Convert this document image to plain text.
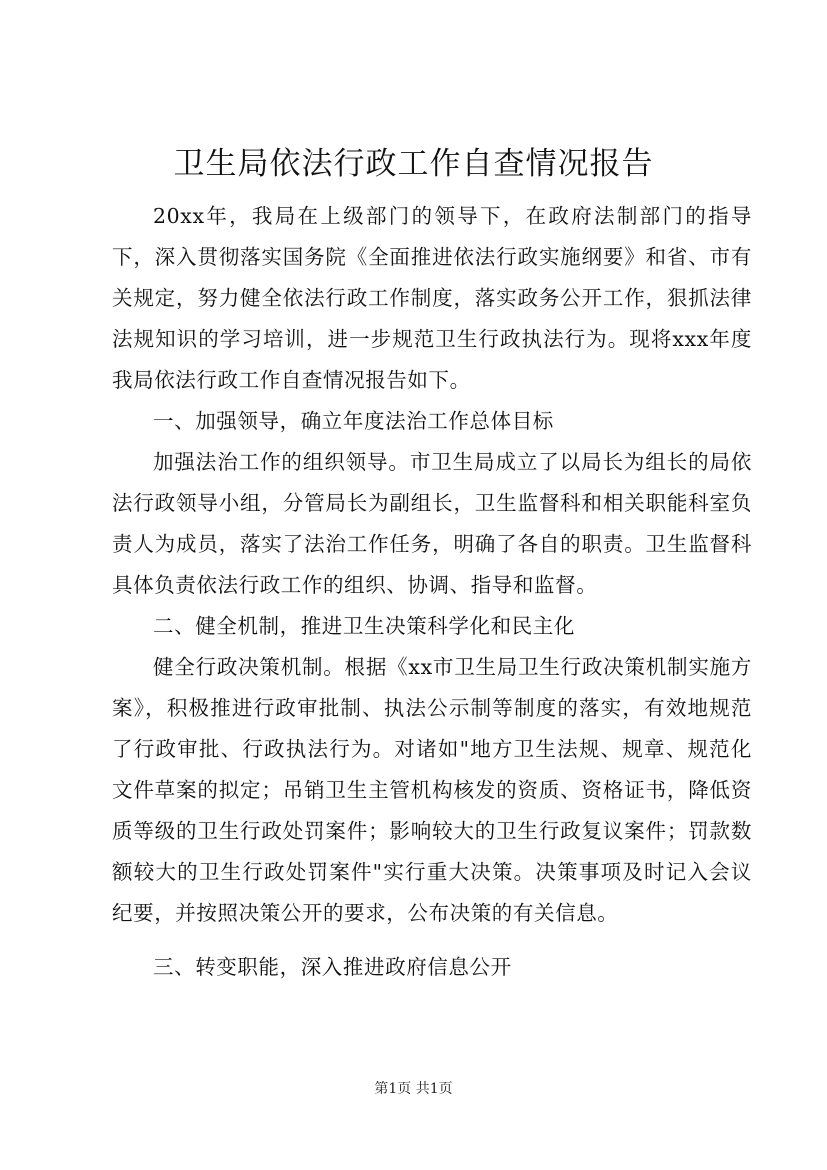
卫生局依法行政工作自查情况报告

20xx年，我局在上级部门的领导下，在政府法制部门的指导下，深入贯彻落实国务院《全面推进依法行政实施纲要》和省、市有关规定，努力健全依法行政工作制度，落实政务公开工作，狠抓法律法规知识的学习培训，进一步规范卫生行政执法行为。现将xxx年度我局依法行政工作自查情况报告如下。

一、加强领导，确立年度法治工作总体目标

加强法治工作的组织领导。市卫生局成立了以局长为组长的局依法行政领导小组，分管局长为副组长，卫生监督科和相关职能科室负责人为成员，落实了法治工作任务，明确了各自的职责。卫生监督科具体负责依法行政工作的组织、协调、指导和监督。

二、健全机制，推进卫生决策科学化和民主化

健全行政决策机制。根据《xx市卫生局卫生行政决策机制实施方案》，积极推进行政审批制、执法公示制等制度的落实，有效地规范了行政审批、行政执法行为。对诸如"地方卫生法规、规章、规范化文件草案的拟定；吊销卫生主管机构核发的资质、资格证书，降低资质等级的卫生行政处罚案件；影响较大的卫生行政复议案件；罚款数额较大的卫生行政处罚案件"实行重大决策。决策事项及时记入会议纪要，并按照决策公开的要求，公布决策的有关信息。

三、转变职能，深入推进政府信息公开

第1页 共1页
